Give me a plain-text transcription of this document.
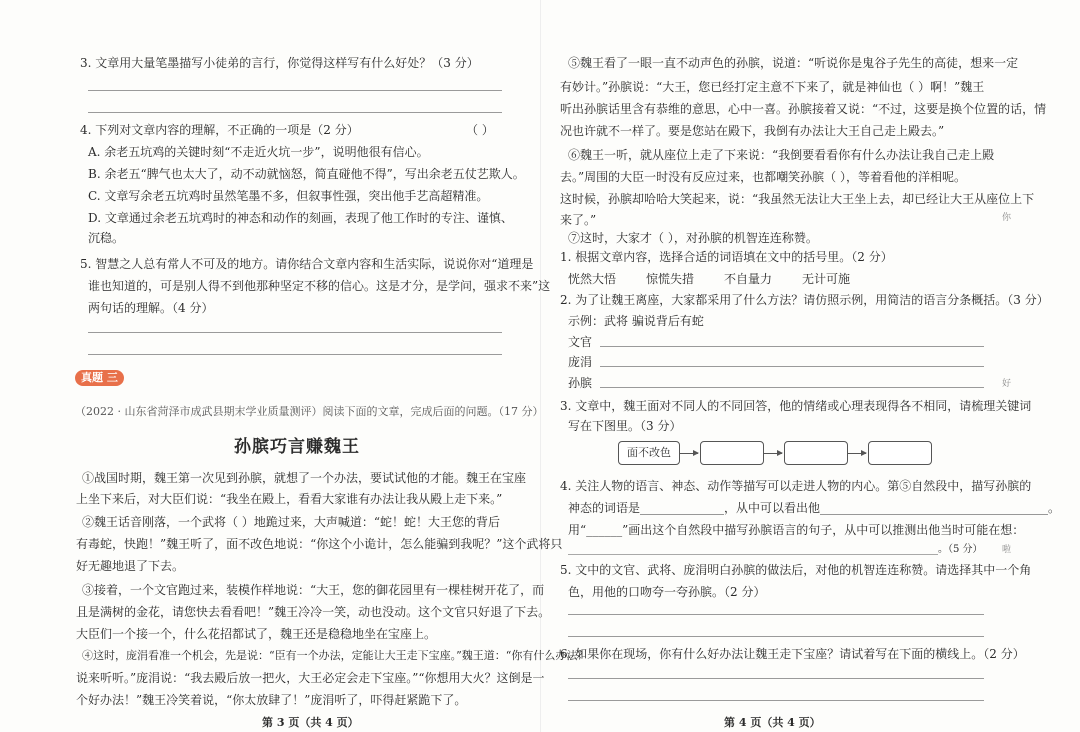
3. 文章用大量笔墨描写小徒弟的言行，你觉得这样写有什么好处？（3 分）
4. 下列对文章内容的理解，不正确的一项是（2 分）	（ ）
A. 余老五坑鸡的关键时刻“不走近火坑一步”，说明他很有信心。
B. 余老五“脾气也太大了，动不动就恼怒，简直碰他不得”，写出余老五仗艺欺人。
C. 文章写余老五坑鸡时虽然笔墨不多，但叙事性强，突出他手艺高超精准。
D. 文章通过余老五坑鸡时的神态和动作的刻画，表现了他工作时的专注、谨慎、
沉稳。
5. 智慧之人总有常人不可及的地方。请你结合文章内容和生活实际，说说你对“道理是
谁也知道的，可是别人得不到他那种坚定不移的信心。这是才分，是学问，强求不来”这
两句话的理解。（4 分）
真题 三
（2022 · 山东省菏泽市成武县期末学业质量测评）阅读下面的文章，完成后面的问题。（17 分）
孙膑巧言赚魏王
①战国时期，魏王第一次见到孙膑，就想了一个办法，要试试他的才能。魏王在宝座
上坐下来后，对大臣们说：“我坐在殿上，看看大家谁有办法让我从殿上走下来。”
②魏王话音刚落，一个武将（ ）地跪过来，大声喊道：“蛇！蛇！大王您的背后
有毒蛇，快跑！”魏王听了，面不改色地说：“你这个小诡计，怎么能骗到我呢？”这个武将只
好无趣地退了下去。
③接着，一个文官跑过来，装模作样地说：“大王，您的御花园里有一棵桂树开花了，而
且是满树的金花，请您快去看看吧！”魏王冷冷一笑，动也没动。这个文官只好退了下去。
大臣们一个接一个，什么花招都试了，魏王还是稳稳地坐在宝座上。
④这时，庞涓看准一个机会，先是说：“臣有一个办法，定能让大王走下宝座。”魏王道：“你有什么办法？
说来听听。”庞涓说：“我去殿后放一把火，大王必定会走下宝座。”“你想用大火？这倒是一
个好办法！”魏王冷笑着说，“你太放肆了！”庞涓听了，吓得赶紧跪下了。
第 3 页（共 4 页）
⑤魏王看了一眼一直不动声色的孙膑，说道：“听说你是鬼谷子先生的高徒，想来一定
有妙计。”孙膑说：“大王，您已经打定主意不下来了，就是神仙也（ ）啊！”魏王
听出孙膑话里含有恭维的意思，心中一喜。孙膑接着又说：“不过，这要是换个位置的话，情
况也许就不一样了。要是您站在殿下，我倒有办法让大王自己走上殿去。”
⑥魏王一听，就从座位上走了下来说：“我倒要看看你有什么办法让我自己走上殿
去。”周围的大臣一时没有反应过来，也都嘲笑孙膑（ ），等着看他的洋相呢。
这时候，孙膑却哈哈大笑起来，说：“我虽然无法让大王坐上去，却已经让大王从座位上下
来了。”
⑦这时，大家才（ ），对孙膑的机智连连称赞。
1. 根据文章内容，选择合适的词语填在文中的括号里。（2 分）
恍然大悟 惊慌失措 不自量力 无计可施
2. 为了让魏王离座，大家都采用了什么方法？请仿照示例，用简洁的语言分条概括。（3 分）
示例：武将 骗说背后有蛇
文官
庞涓
孙膑
3. 文章中，魏王面对不同人的不同回答，他的情绪或心理表现得各不相同，请梳理关键词
写在下图里。（3 分）
面不改色
4. 关注人物的语言、神态、动作等描写可以走进人物的内心。第⑤自然段中，描写孙膑的
神态的词语是______________，从中可以看出他______________________________________。
用“______”画出这个自然段中描写孙膑语言的句子，从中可以推测出他当时可能在想：
__________________________________________________________________________。（5 分）
5. 文中的文官、武将、庞涓明白孙膑的做法后，对他的机智连连称赞。请选择其中一个角
色，用他的口吻夸一夸孙膑。（2 分）
6. 如果你在现场，你有什么好办法让魏王走下宝座？请试着写在下面的横线上。（2 分）
第 4 页（共 4 页）
你
好
啦
